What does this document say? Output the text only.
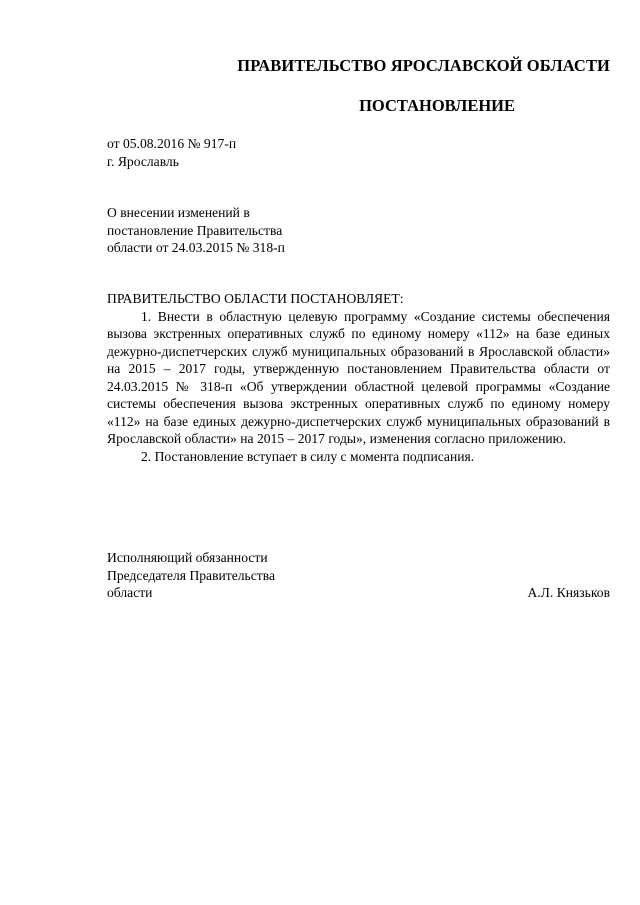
ПРАВИТЕЛЬСТВО ЯРОСЛАВСКОЙ ОБЛАСТИ
ПОСТАНОВЛЕНИЕ
от 05.08.2016 № 917-п
г. Ярославль
О внесении изменений в
постановление Правительства
области от 24.03.2015 № 318-п

ПРАВИТЕЛЬСТВО ОБЛАСТИ ПОСТАНОВЛЯЕТ:

1. Внести в областную целевую программу «Создание системы обеспечения вызова экстренных оперативных служб по единому номеру «112» на базе единых дежурно-диспетчерских служб муниципальных образований в Ярославской области» на 2015 – 2017 годы, утвержденную постановлением Правительства области от 24.03.2015 № 318-п «Об утверждении областной целевой программы «Создание системы обеспечения вызова экстренных оперативных служб по единому номеру «112» на базе единых дежурно-диспетчерских служб муниципальных образований в Ярославской области» на 2015 – 2017 годы», изменения согласно приложению.

2. Постановление вступает в силу с момента подписания.

Исполняющий обязанности
Председателя Правительства
области	А.Л. Князьков
